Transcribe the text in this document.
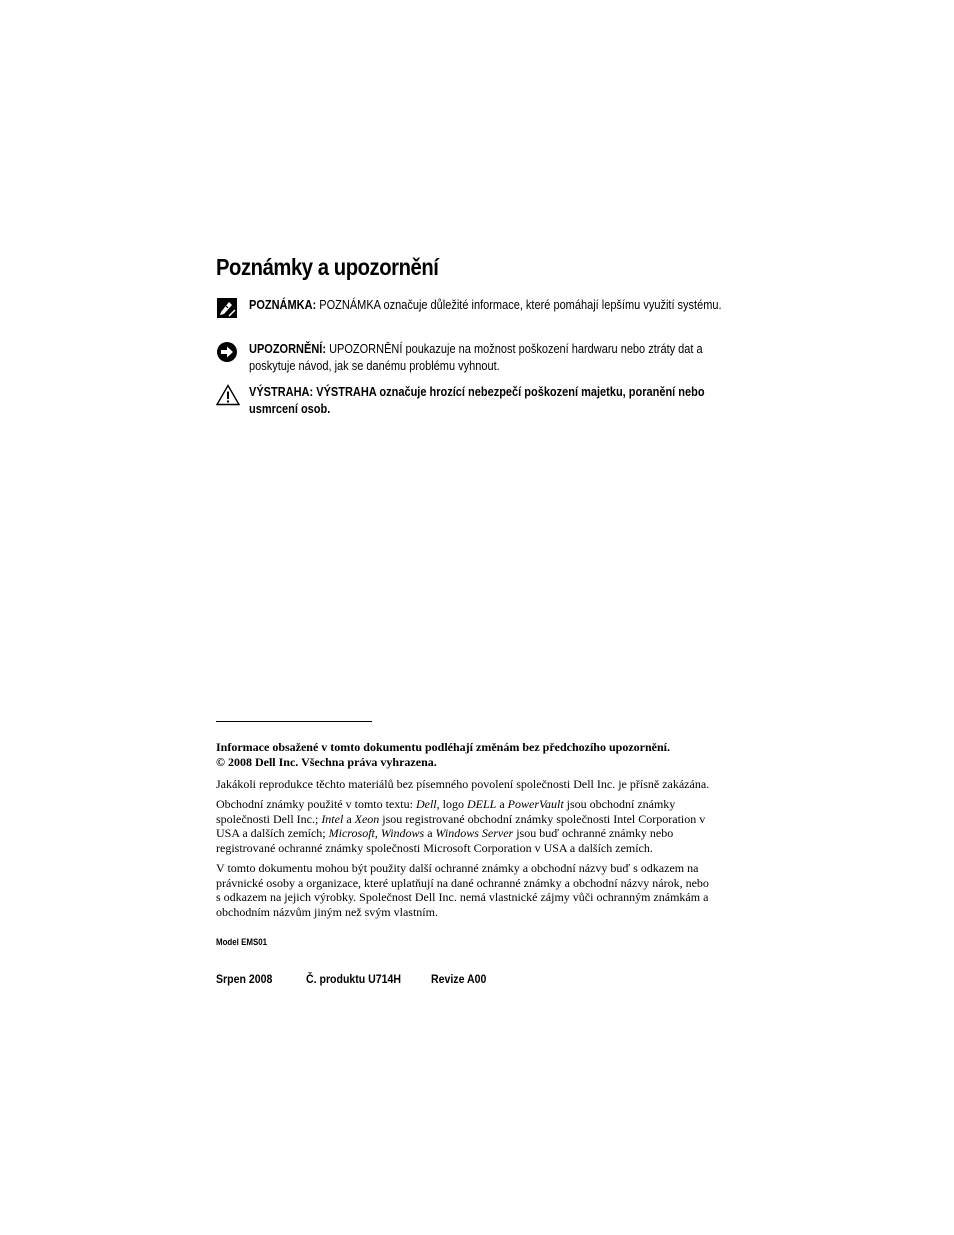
Poznámky a upozornění
POZNÁMKA: POZNÁMKA označuje důležité informace, které pomáhají lepšímu využití systému.
UPOZORNĚNÍ: UPOZORNĚNÍ poukazuje na možnost poškození hardwaru nebo ztráty dat a poskytuje návod, jak se danému problému vyhnout.
VÝSTRAHA: VÝSTRAHA označuje hrozící nebezpečí poškození majetku, poranění nebo usmrcení osob.

Informace obsažené v tomto dokumentu podléhají změnám bez předchozího upozornění.
© 2008 Dell Inc. Všechna práva vyhrazena.

Jakákoli reprodukce těchto materiálů bez písemného povolení společnosti Dell Inc. je přísně zakázána.

Obchodní známky použité v tomto textu: Dell, logo DELL a PowerVault jsou obchodní známky společnosti Dell Inc.; Intel a Xeon jsou registrované obchodní známky společnosti Intel Corporation v USA a dalších zemích; Microsoft, Windows a Windows Server jsou buď ochranné známky nebo registrované ochranné známky společnosti Microsoft Corporation v USA a dalších zemích.

V tomto dokumentu mohou být použity další ochranné známky a obchodní názvy buď s odkazem na právnické osoby a organizace, které uplatňují na dané ochranné známky a obchodní názvy nárok, nebo s odkazem na jejich výrobky. Společnost Dell Inc. nemá vlastnické zájmy vůči ochranným známkám a obchodním názvům jiným než svým vlastním.

Model EMS01
Srpen 2008	Č. produktu U714H Revize A00
